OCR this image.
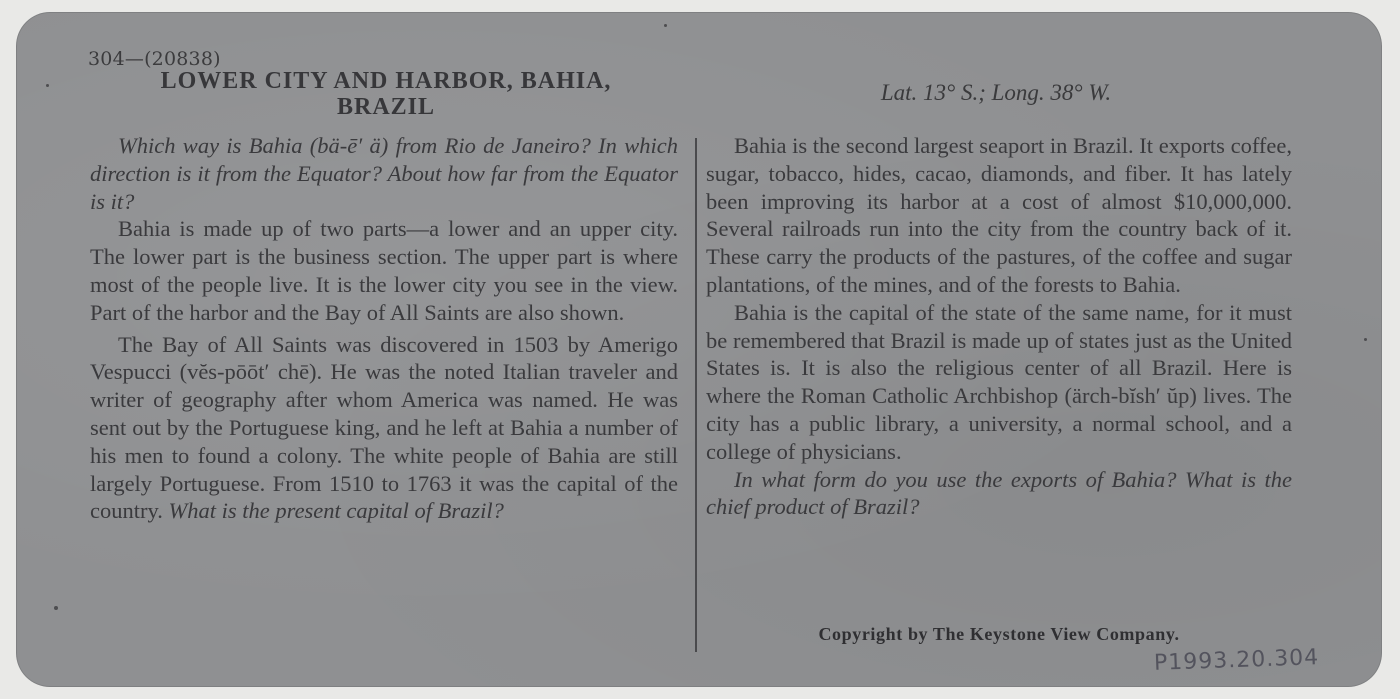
304—(20838)
LOWER CITY AND HARBOR, BAHIA,
BRAZIL
Lat. 13° S.; Long. 38° W.

Which way is Bahia (bä-ē′ ä) from Rio de Janeiro? In which direction is it from the Equator? About how far from the Equator is it?

Bahia is made up of two parts—a lower and an upper city. The lower part is the business section. The upper part is where most of the people live. It is the lower city you see in the view. Part of the harbor and the Bay of All Saints are also shown.

The Bay of All Saints was discovered in 1503 by Amerigo Vespucci (vĕs-pōōt′ chē). He was the noted Italian traveler and writer of geography after whom America was named. He was sent out by the Portuguese king, and he left at Bahia a number of his men to found a colony. The white people of Bahia are still largely Portuguese. From 1510 to 1763 it was the capital of the country. What is the present capital of Brazil?

Bahia is the second largest seaport in Brazil. It exports coffee, sugar, tobacco, hides, cacao, diamonds, and fiber. It has lately been improving its harbor at a cost of almost $10,000,000. Several railroads run into the city from the country back of it. These carry the products of the pastures, of the coffee and sugar plantations, of the mines, and of the forests to Bahia.

Bahia is the capital of the state of the same name, for it must be remembered that Brazil is made up of states just as the United States is. It is also the religious center of all Brazil. Here is where the Roman Catholic Archbishop (ärch-bĭsh′ ŭp) lives. The city has a public library, a university, a normal school, and a college of physicians.

In what form do you use the exports of Bahia? What is the chief product of Brazil?

Copyright by The Keystone View Company.
P1993.20.304
